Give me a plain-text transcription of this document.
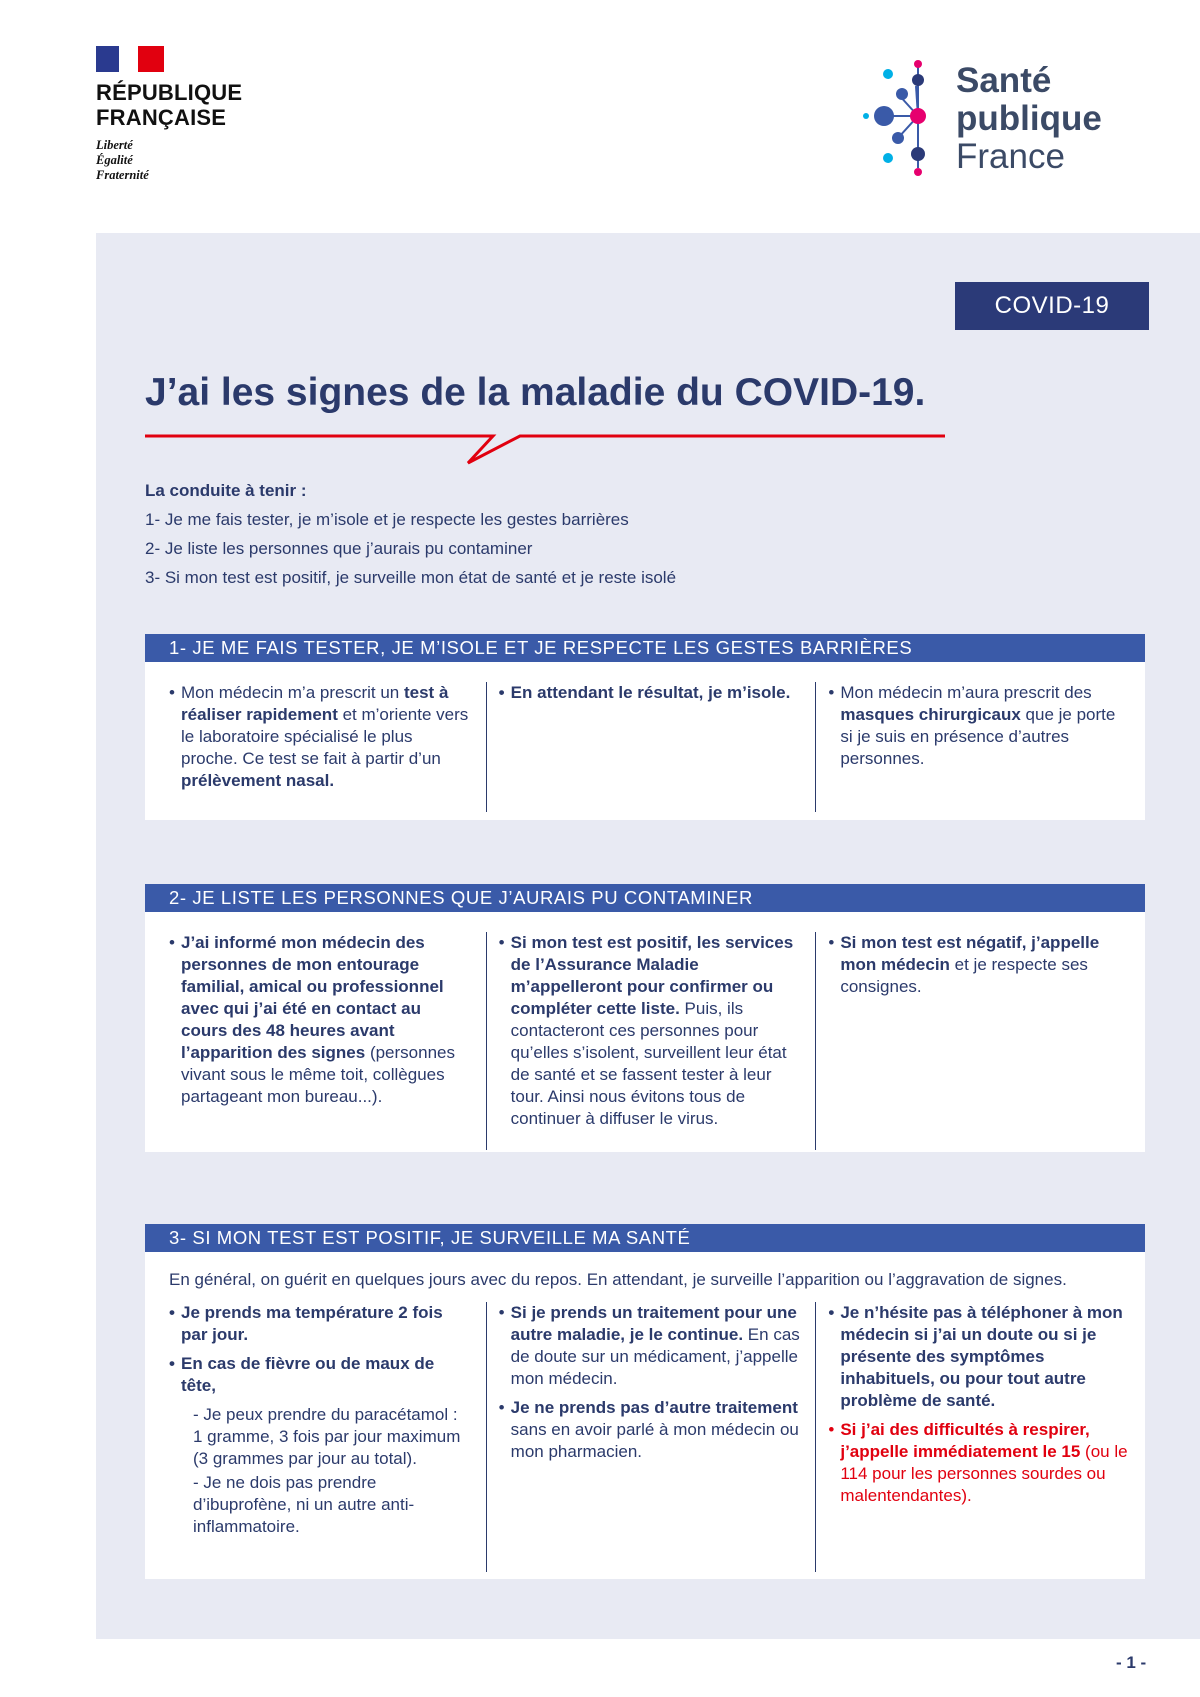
RÉPUBLIQUE
FRANÇAISE
Liberté
Égalité
Fraternité
Santé
publique
France
COVID-19
J’ai les signes de la maladie du COVID-19.
La conduite à tenir :
1- Je me fais tester, je m’isole et je respecte les gestes barrières
2- Je liste les personnes que j’aurais pu contaminer
3- Si mon test est positif, je surveille mon état de santé et je reste isolé
1- JE ME FAIS TESTER, JE M’ISOLE ET JE RESPECTE LES GESTES BARRIÈRES

• Mon médecin m’a prescrit un test à réaliser rapidement et m’oriente vers le laboratoire spécialisé le plus proche. Ce test se fait à partir d’un prélèvement nasal.

• En attendant le résultat, je m’isole.

•	Mon médecin m’aura prescrit des masques chirurgicaux que je porte si je suis en présence d’autres personnes.

2- JE LISTE LES PERSONNES QUE J’AURAIS PU CONTAMINER

• J’ai informé mon médecin des personnes de mon entourage familial, amical ou professionnel avec qui j’ai été en contact au cours des 48 heures avant l’apparition des signes (personnes vivant sous le même toit, collègues partageant mon bureau...).

• Si mon test est positif, les services de l’Assurance Maladie m’appelleront pour confirmer ou compléter cette liste. Puis, ils contacteront ces personnes pour qu’elles s’isolent, surveillent leur état de santé et se fassent tester à leur tour. Ainsi nous évitons tous de continuer à diffuser le virus.

• Si mon test est négatif, j’appelle mon médecin et je respecte ses consignes.

3- SI MON TEST EST POSITIF, JE SURVEILLE MA SANTÉ
En général, on guérit en quelques jours avec du repos. En attendant, je surveille l’apparition ou l’aggravation de signes.

• Je prends ma température 2 fois par jour.

• En cas de fièvre ou de maux de tête,

- Je peux prendre du paracétamol : 1 gramme, 3 fois par jour maximum (3 grammes par jour au total).

- Je ne dois pas prendre d’ibuprofène, ni un autre anti-inflammatoire.

• Si je prends un traitement pour une autre maladie, je le continue. En cas de doute sur un médicament, j’appelle mon médecin.

• Je ne prends pas d’autre traitement sans en avoir parlé à mon médecin ou mon pharmacien.

• Je n’hésite pas à téléphoner à mon médecin si j’ai un doute ou si je présente des symptômes inhabituels, ou pour tout autre problème de santé.

• Si j’ai des difficultés à respirer, j’appelle immédiatement le 15 (ou le 114 pour les personnes sourdes ou malentendantes).

- 1 -
